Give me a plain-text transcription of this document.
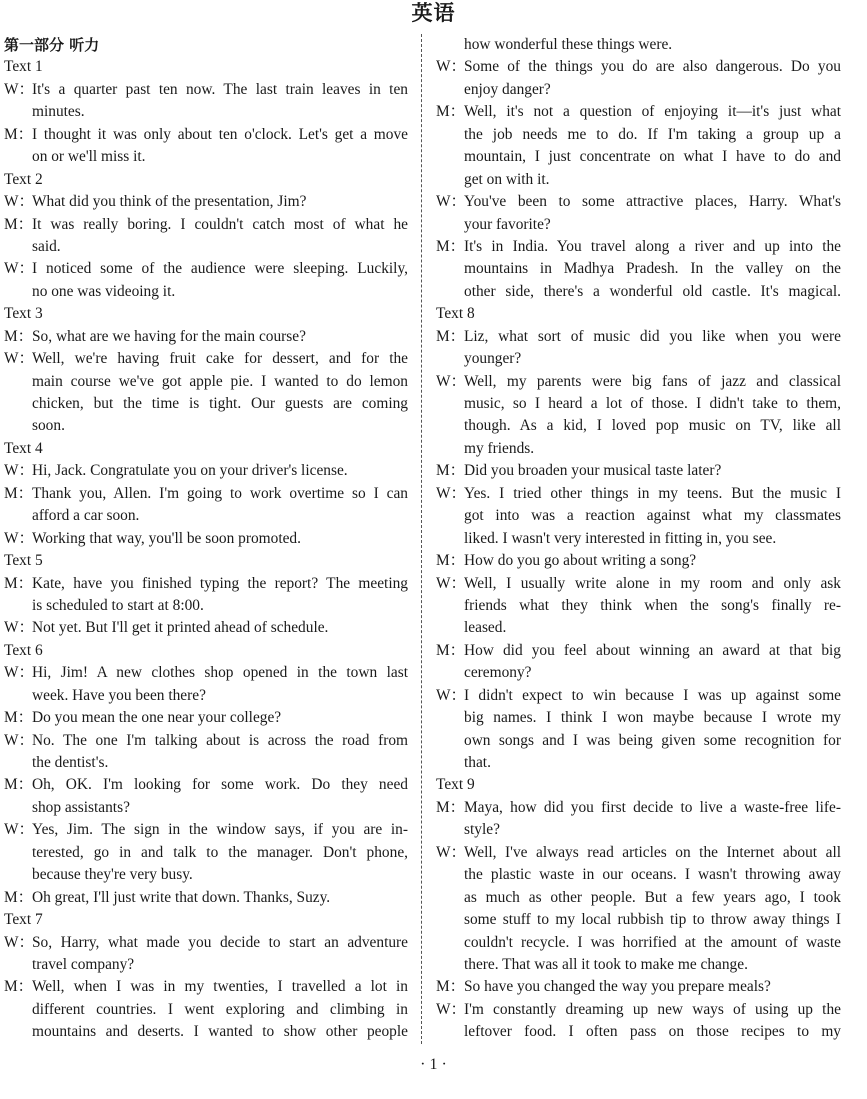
英语
第一部分 听力
Text 1
W：
It's a quarter past ten now. The last train leaves in ten
minutes.
M：
I thought it was only about ten o'clock. Let's get a move
on or we'll miss it.
Text 2
W：What did you think of the presentation, Jim?
M：
It was really boring. I couldn't catch most of what he
said.
W：
I noticed some of the audience were sleeping. Luckily,
no one was videoing it.
Text 3
M：So, what are we having for the main course?
W：
Well, we're having fruit cake for dessert, and for the
main course we've got apple pie. I wanted to do lemon
chicken, but the time is tight. Our guests are coming
soon.
Text 4
W：Hi, Jack. Congratulate you on your driver's license.
M：
Thank you, Allen. I'm going to work overtime so I can
afford a car soon.
W：Working that way, you'll be soon promoted.
Text 5
M：
Kate, have you finished typing the report? The meeting
is scheduled to start at 8:00.
W：Not yet. But I'll get it printed ahead of schedule.
Text 6
W：
Hi, Jim! A new clothes shop opened in the town last
week. Have you been there?
M：Do you mean the one near your college?
W：
No. The one I'm talking about is across the road from
the dentist's.
M：
Oh, OK. I'm looking for some work. Do they need
shop assistants?
W：
Yes, Jim. The sign in the window says, if you are in-
terested, go in and talk to the manager. Don't phone,
because they're very busy.
M：Oh great, I'll just write that down. Thanks, Suzy.
Text 7
W：
So, Harry, what made you decide to start an adventure
travel company?
M：
Well, when I was in my twenties, I travelled a lot in
different countries. I went exploring and climbing in
mountains and deserts. I wanted to show other people
how wonderful these things were.
W：
Some of the things you do are also dangerous. Do you
enjoy danger?
M：
Well, it's not a question of enjoying it—it's just what
the job needs me to do. If I'm taking a group up a
mountain, I just concentrate on what I have to do and
get on with it.
W：
You've been to some attractive places, Harry. What's
your favorite?
M：
It's in India. You travel along a river and up into the
mountains in Madhya Pradesh. In the valley on the
other side, there's a wonderful old castle. It's magical.
Text 8
M：
Liz, what sort of music did you like when you were
younger?
W：
Well, my parents were big fans of jazz and classical
music, so I heard a lot of those. I didn't take to them,
though. As a kid, I loved pop music on TV, like all
my friends.
M：Did you broaden your musical taste later?
W：
Yes. I tried other things in my teens. But the music I
got into was a reaction against what my classmates
liked. I wasn't very interested in fitting in, you see.
M：How do you go about writing a song?
W：
Well, I usually write alone in my room and only ask
friends what they think when the song's finally re-
leased.
M：
How did you feel about winning an award at that big
ceremony?
W：
I didn't expect to win because I was up against some
big names. I think I won maybe because I wrote my
own songs and I was being given some recognition for
that.
Text 9
M：
Maya, how did you first decide to live a waste-free life-
style?
W：
Well, I've always read articles on the Internet about all
the plastic waste in our oceans. I wasn't throwing away
as much as other people. But a few years ago, I took
some stuff to my local rubbish tip to throw away things I
couldn't recycle. I was horrified at the amount of waste
there. That was all it took to make me change.
M：So have you changed the way you prepare meals?
W：
I'm constantly dreaming up new ways of using up the
leftover food. I often pass on those recipes to my
· 1 ·
